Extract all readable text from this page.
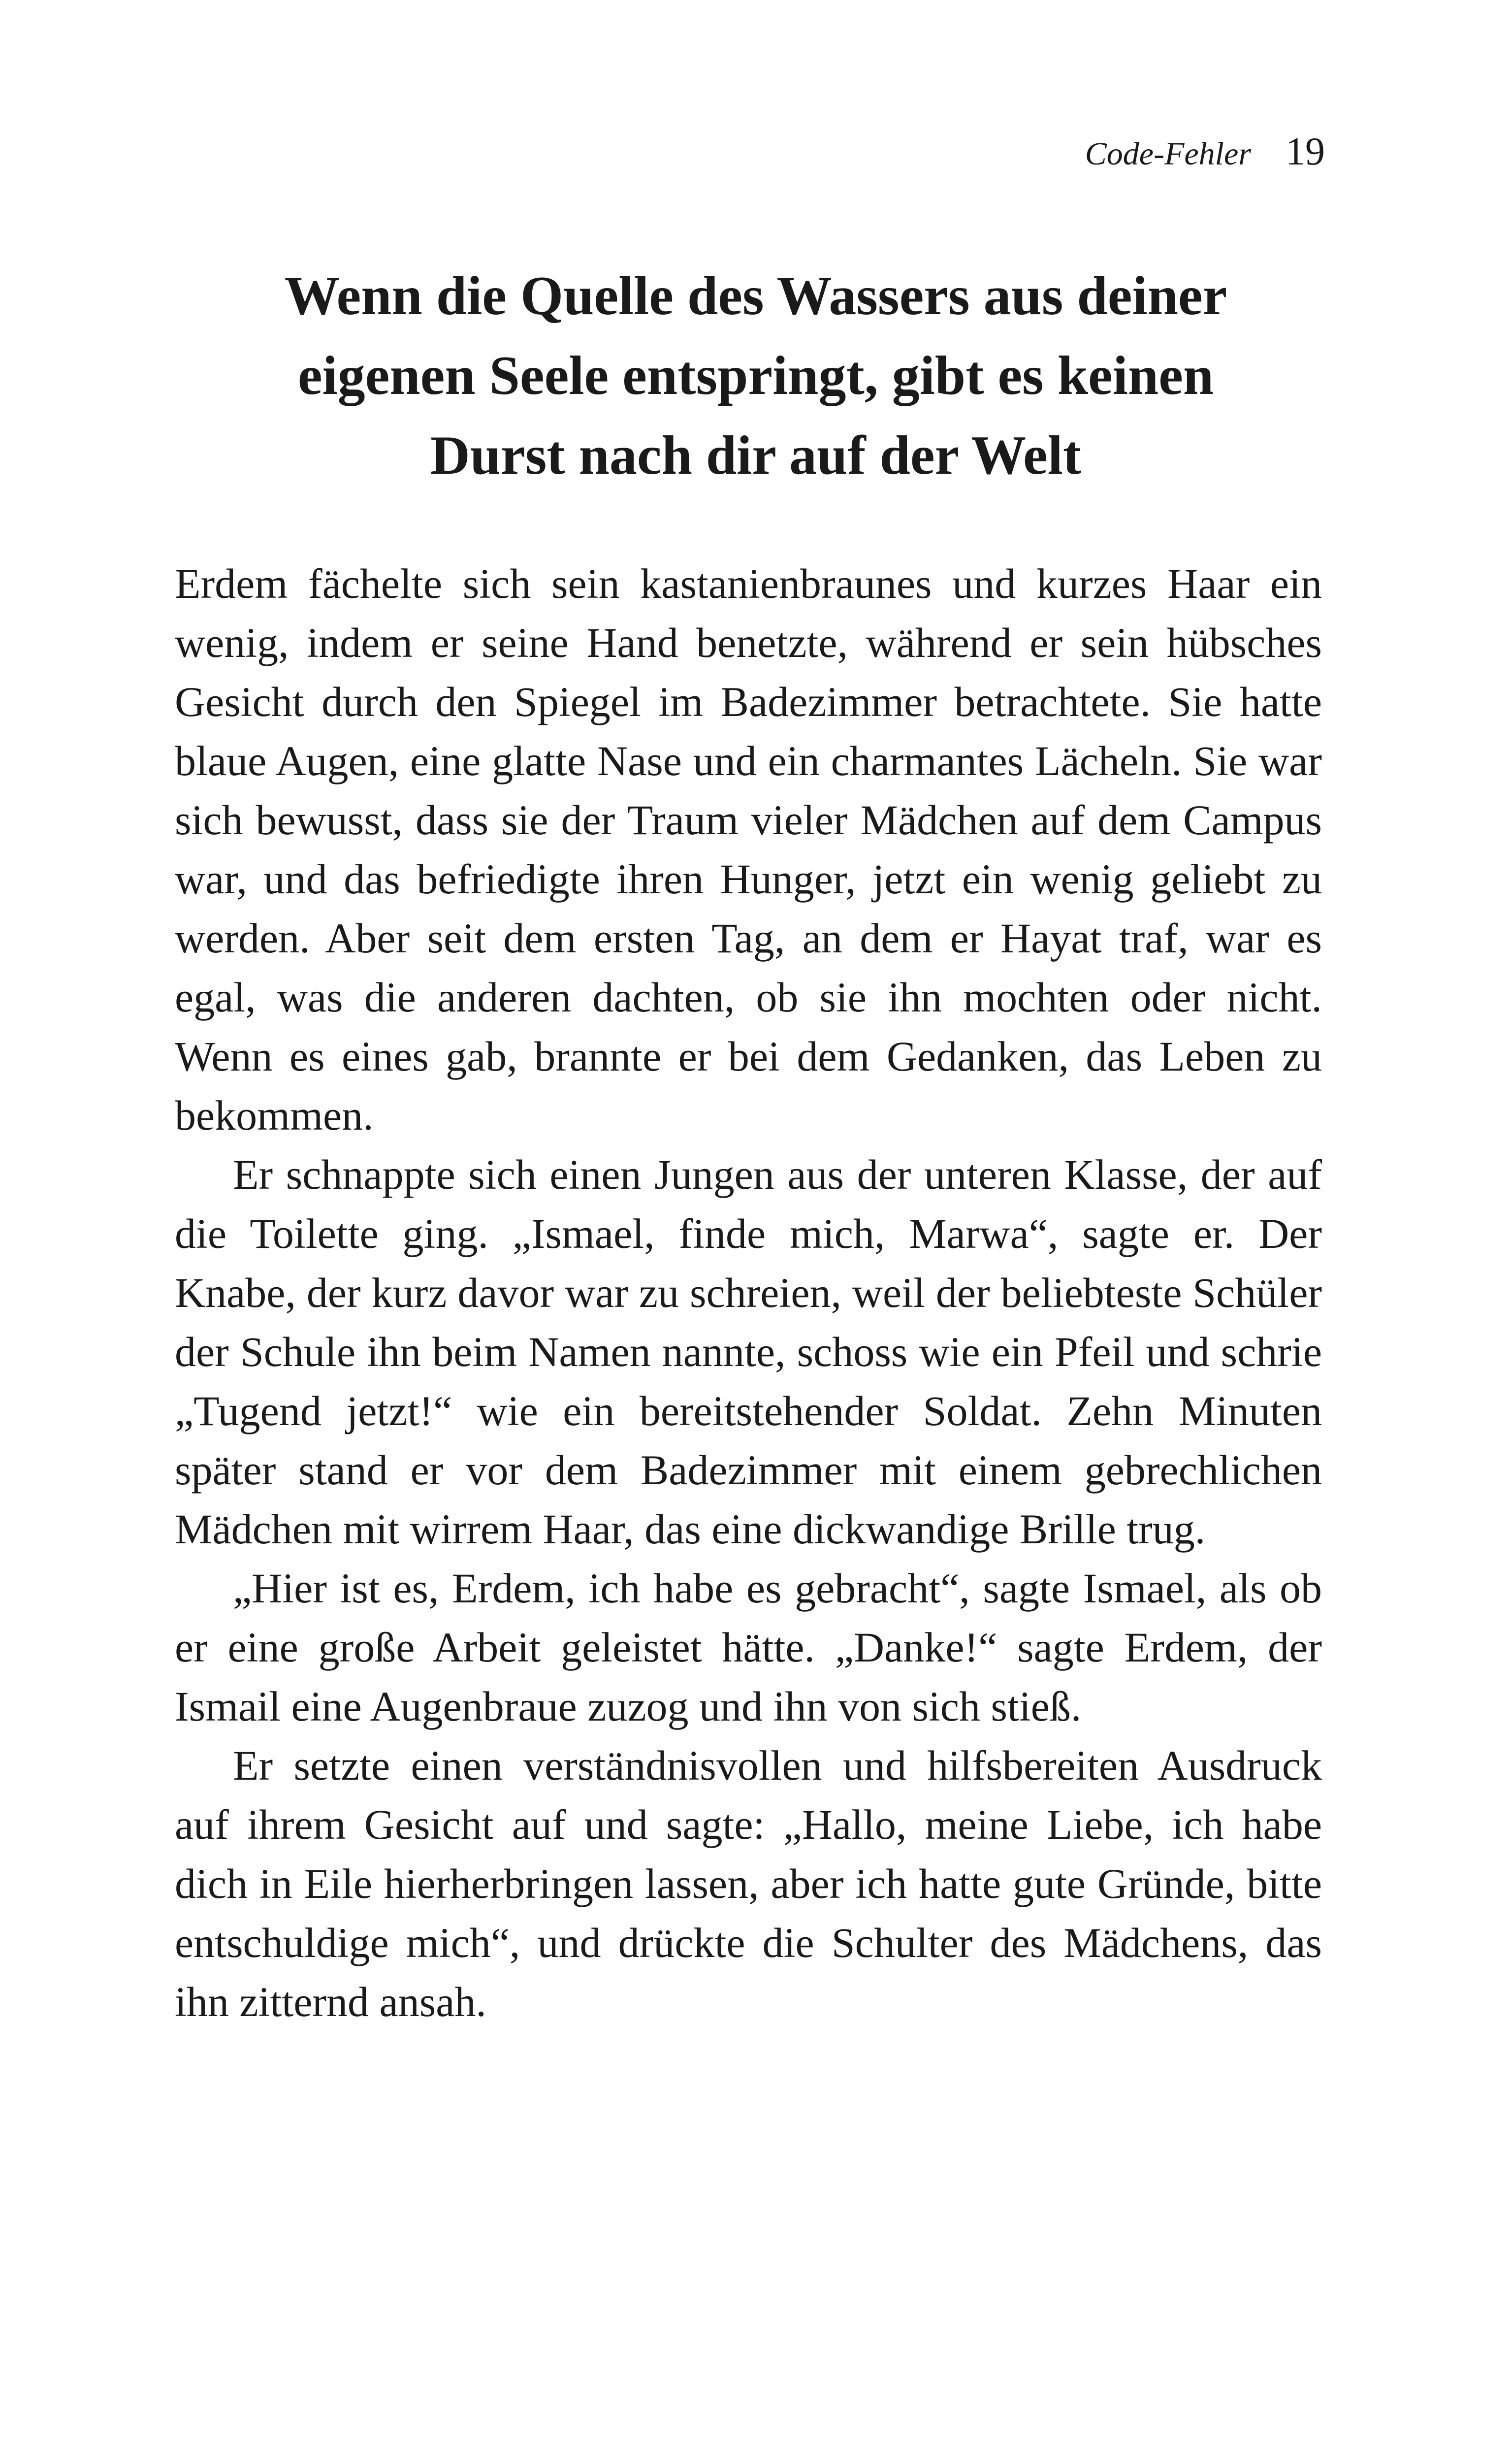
Code-Fehler 19
Wenn die Quelle des Wassers aus deiner
eigenen Seele entspringt, gibt es keinen
Durst nach dir auf der Welt

Erdem fächelte sich sein kastanienbraunes und kurzes Haar ein wenig, indem er seine Hand benetzte, während er sein hübsches Gesicht durch den Spiegel im Badezimmer betrachtete. Sie hatte blaue Augen, eine glatte Nase und ein charmantes Lächeln. Sie war sich bewusst, dass sie der Traum vieler Mädchen auf dem Campus war, und das befriedigte ihren Hunger, jetzt ein wenig geliebt zu werden. Aber seit dem ersten Tag, an dem er Hayat traf, war es egal, was die anderen dachten, ob sie ihn mochten oder nicht. Wenn es eines gab, brannte er bei dem Gedanken, das Leben zu bekommen.

Er schnappte sich einen Jungen aus der unteren Klasse, der auf die Toilette ging. „Ismael, finde mich, Marwa“, sagte er. Der Knabe, der kurz davor war zu schreien, weil der beliebteste Schüler der Schule ihn beim Namen nannte, schoss wie ein Pfeil und schrie „Tugend jetzt!“ wie ein bereitstehender Soldat. Zehn Minuten später stand er vor dem Badezimmer mit einem gebrechlichen Mädchen mit wirrem Haar, das eine dickwandige Brille trug.

„Hier ist es, Erdem, ich habe es gebracht“, sagte Ismael, als ob er eine große Arbeit geleistet hätte. „Danke!“ sagte Erdem, der Ismail eine Augenbraue zuzog und ihn von sich stieß.

Er setzte einen verständnisvollen und hilfsbereiten Ausdruck auf ihrem Gesicht auf und sagte: „Hallo, meine Liebe, ich habe dich in Eile hierherbringen lassen, aber ich hatte gute Gründe, bitte entschuldige mich“, und drückte die Schulter des Mädchens, das ihn zitternd ansah.
